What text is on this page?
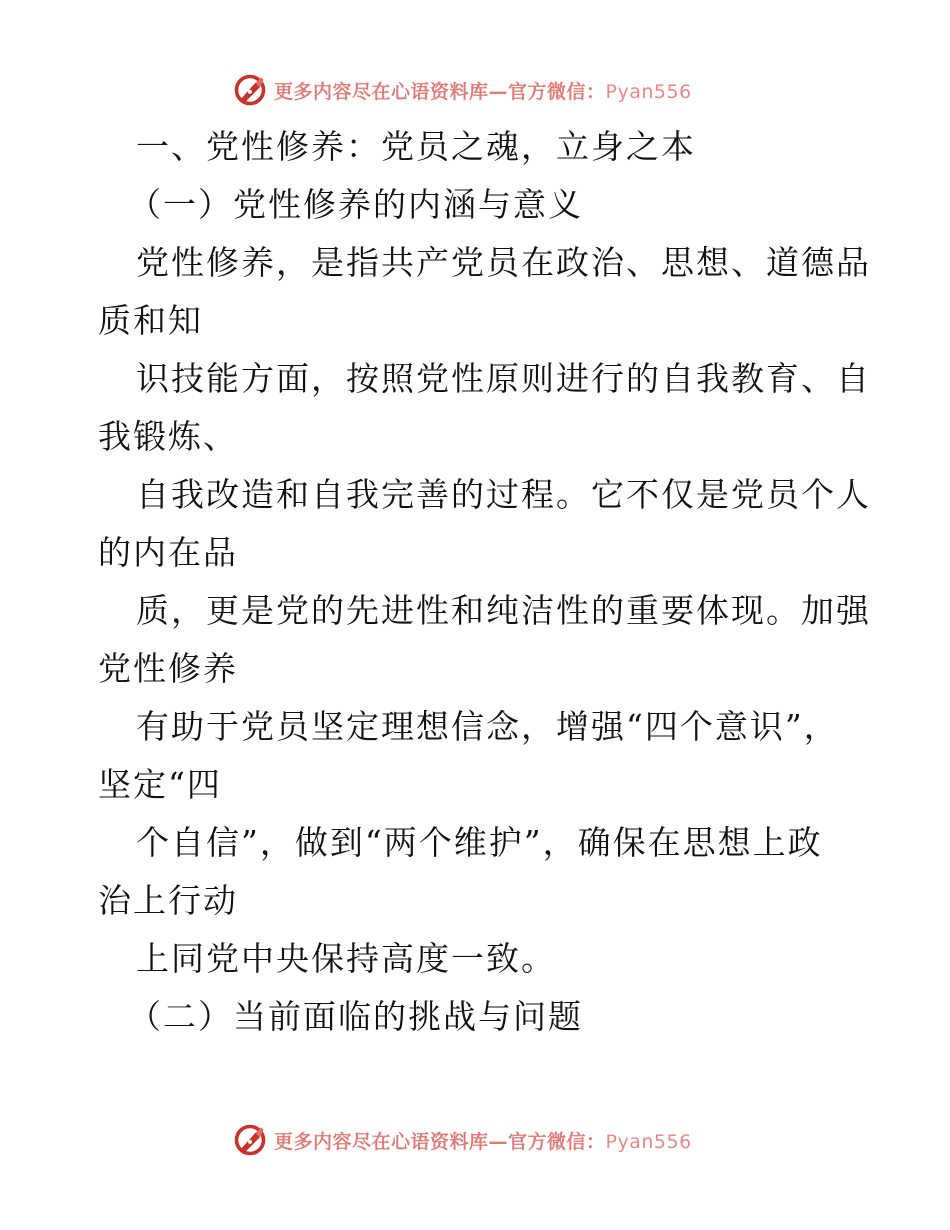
更多内容尽在心语资料库—官方微信：Pyan556
一、党性修养：党员之魂，立身之本
（一）党性修养的内涵与意义
党性修养，是指共产党员在政治、思想、道德品
质和知
识技能方面，按照党性原则进行的自我教育、自
我锻炼、
自我改造和自我完善的过程。它不仅是党员个人
的内在品
质，更是党的先进性和纯洁性的重要体现。加强
党性修养
有助于党员坚定理想信念，增强“四个意识”，
坚定“四
个自信”，做到“两个维护”，确保在思想上政
治上行动
上同党中央保持高度一致。
（二）当前面临的挑战与问题
更多内容尽在心语资料库—官方微信：Pyan556
